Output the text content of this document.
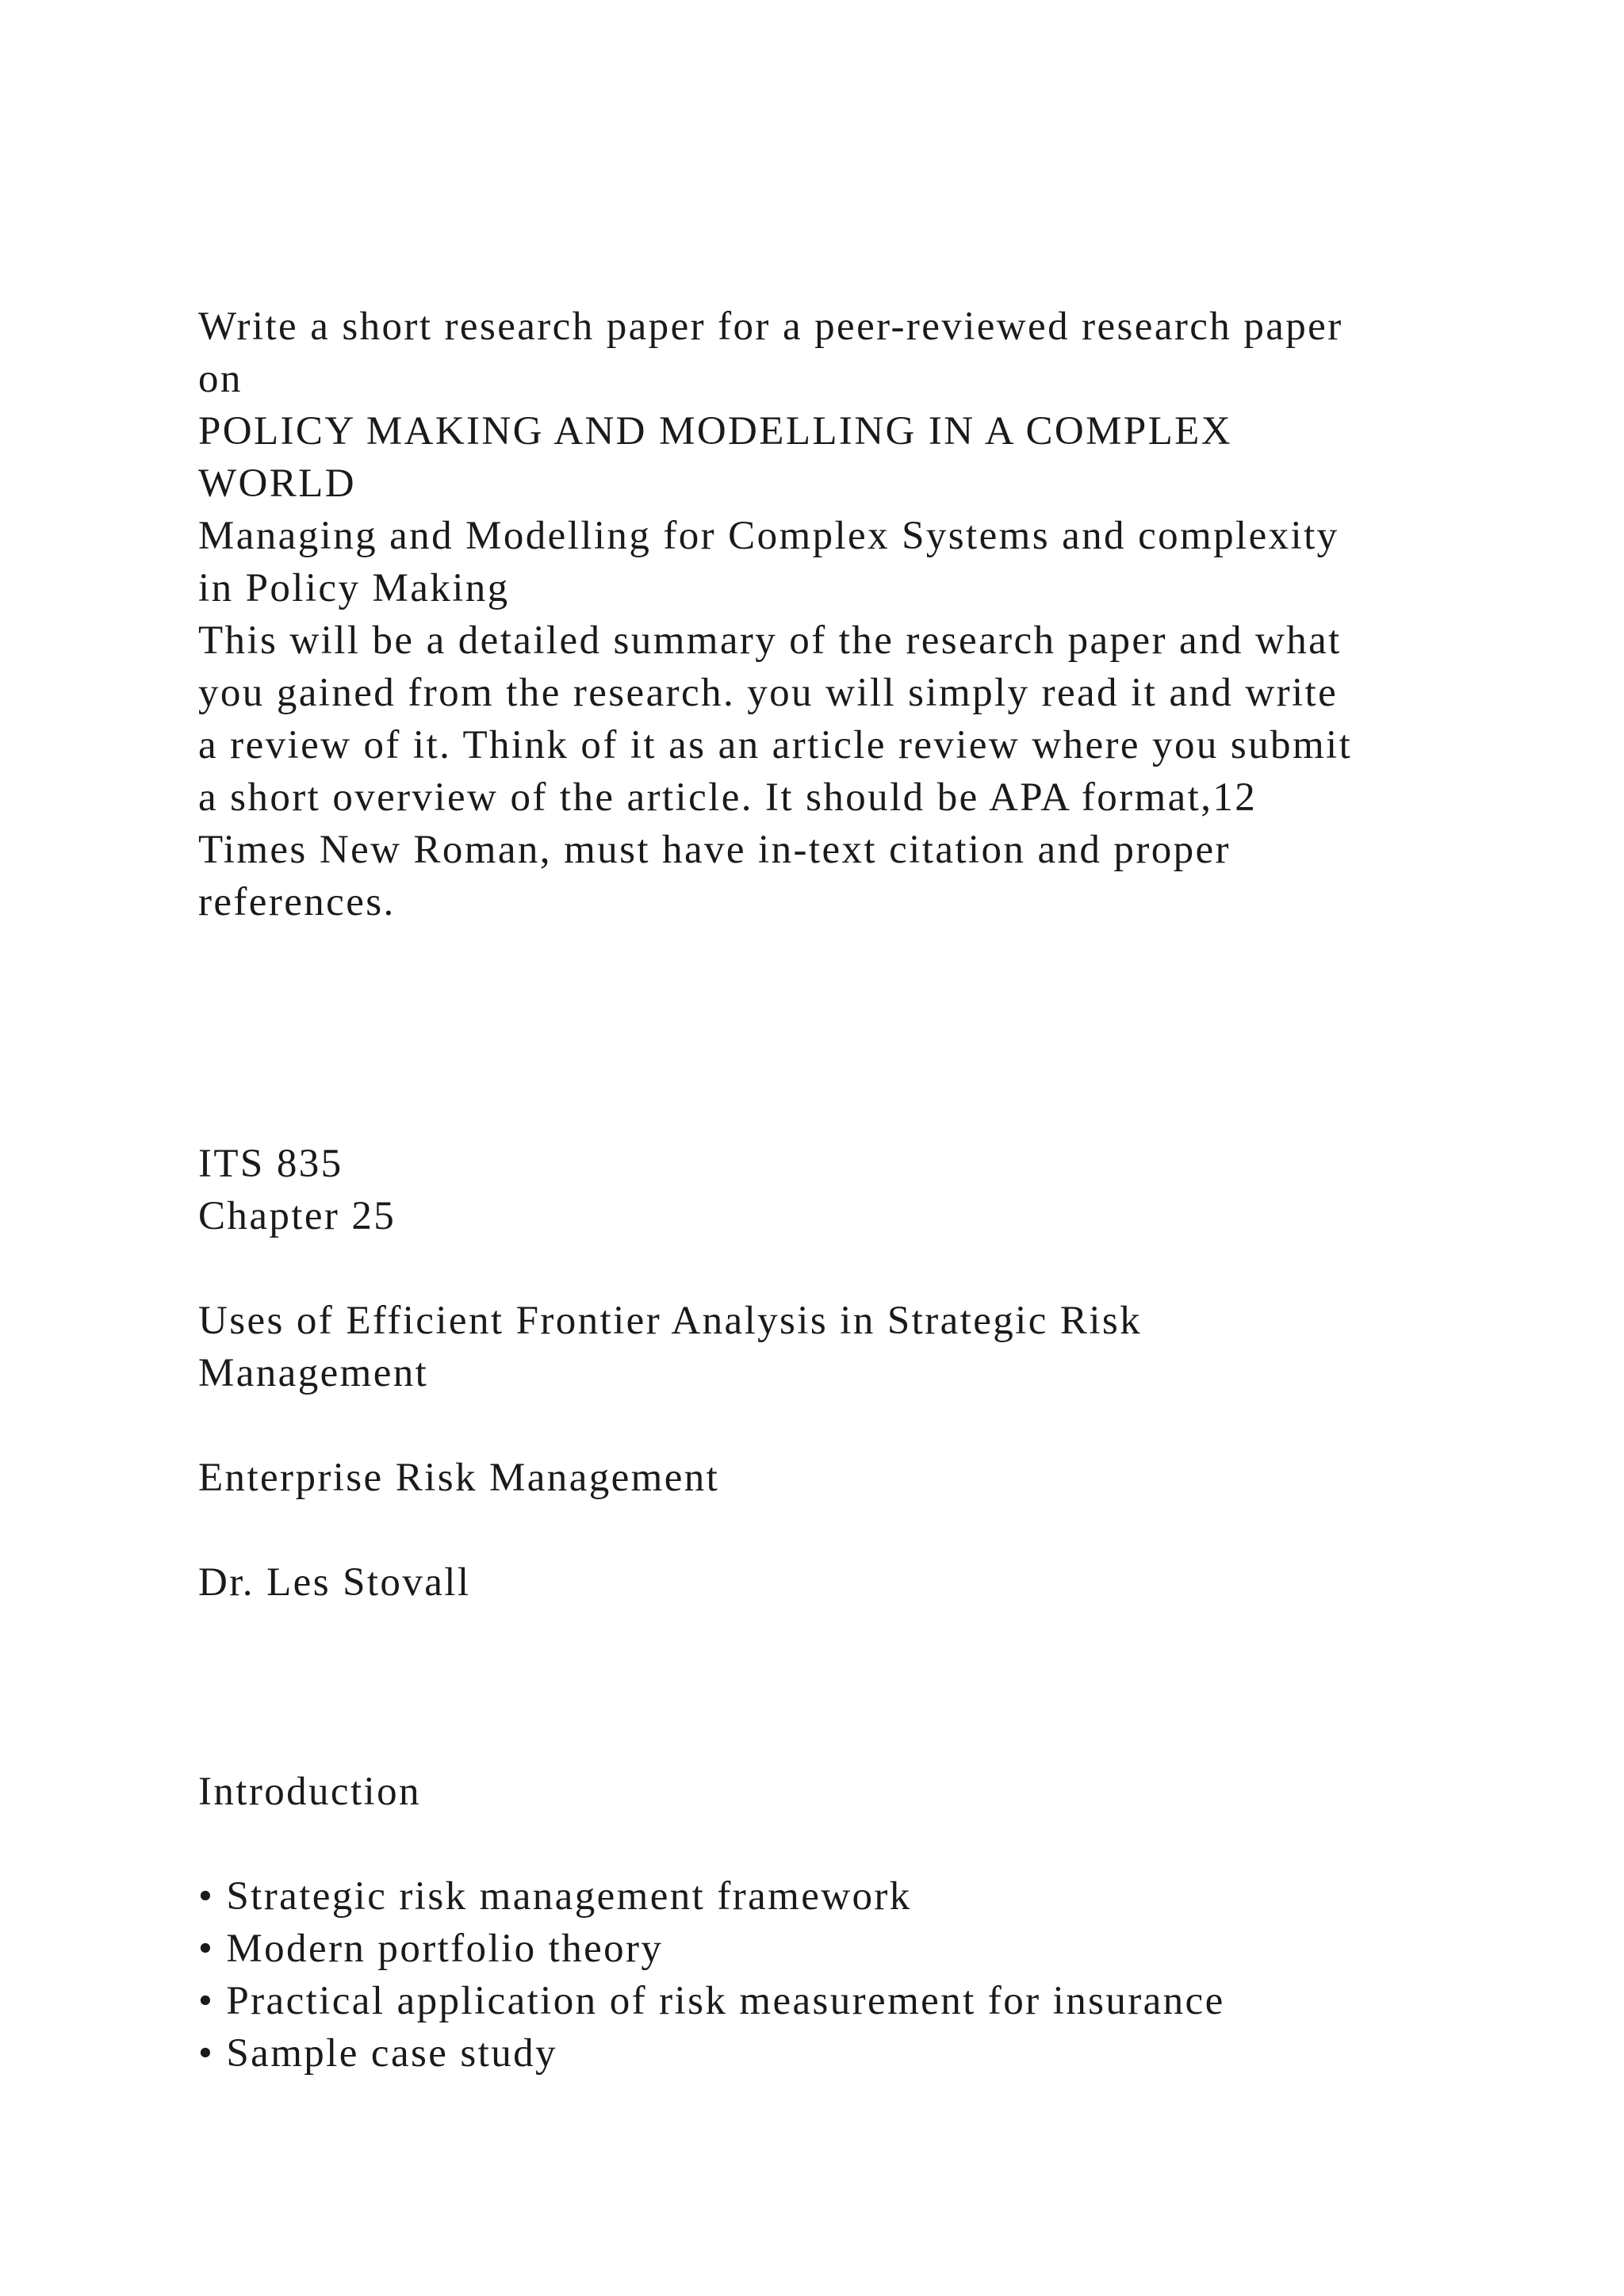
Write a short research paper for a peer-reviewed research paper
on
POLICY MAKING AND MODELLING IN A COMPLEX
WORLD
Managing and Modelling for Complex Systems and complexity
in Policy Making
This will be a detailed summary of the research paper and what
you gained from the research. you will simply read it and write
a review of it. Think of it as an article review where you submit
a short overview of the article. It should be APA format,12
Times New Roman, must have in-text citation and proper
references.
ITS 835
Chapter 25
Uses of Efficient Frontier Analysis in Strategic Risk
Management
Enterprise Risk Management
Dr. Les Stovall
Introduction
• Strategic risk management framework
• Modern portfolio theory
• Practical application of risk measurement for insurance
• Sample case study
